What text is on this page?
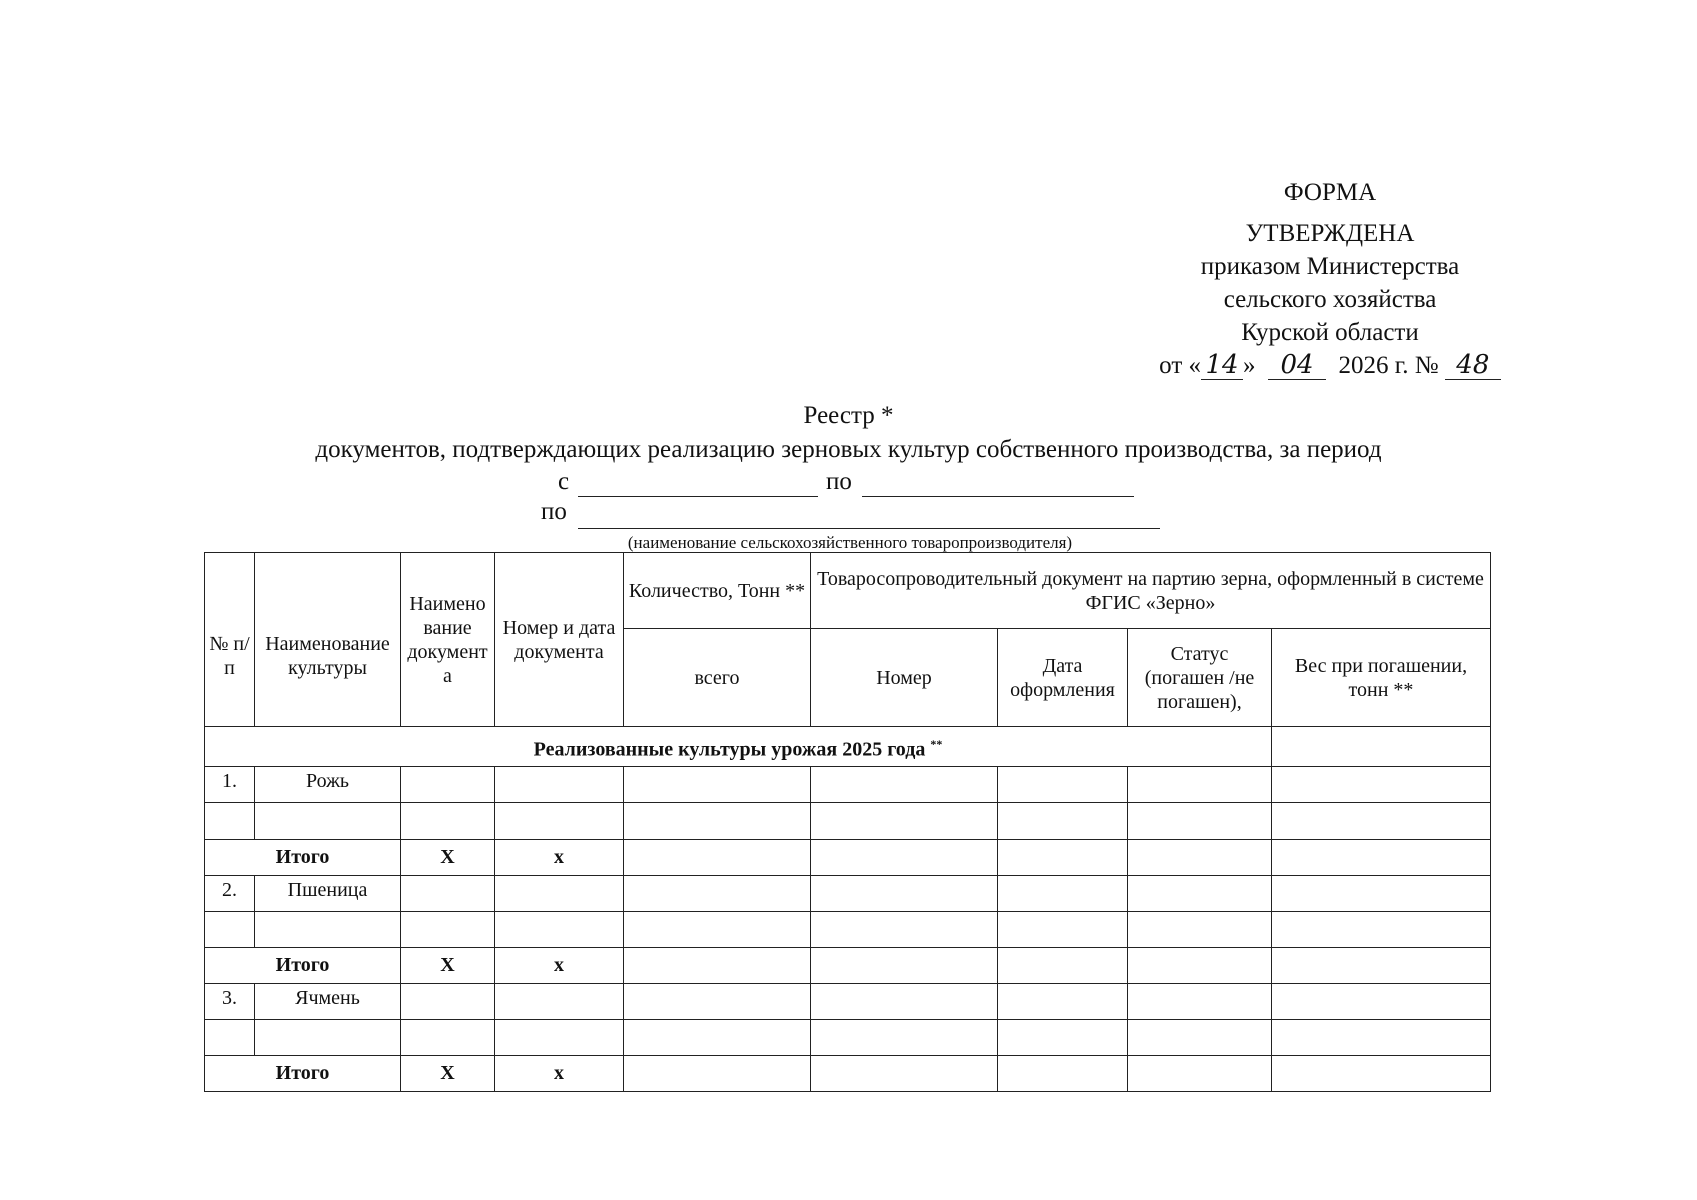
ФОРМА
УТВЕРЖДЕНА
приказом Министерства
сельского хозяйства
Курской области
от « 14 » 04 2026 г. № 48
Реестр *
документов, подтверждающих реализацию зерновых культур собственного производства, за период
с	по
по
(наименование сельскохозяйственного товаропроизводителя)
№ п/п	Наименование культуры	Наимено вание документ а	Номер и дата документа	Количество, Тонн **	Товаросопроводительный документ на партию зерна, оформленный в системе ФГИС «Зерно»			
				всего	Номер	Дата оформления	Статус (погашен /не погашен),	Вес при погашении, тонн **
Реализованные культуры урожая 2025 года **	
1.	Рожь							

Итого		X	x					
2.	Пшеница							

Итого		X	x					
3.	Ячмень							

Итого		X	x					
